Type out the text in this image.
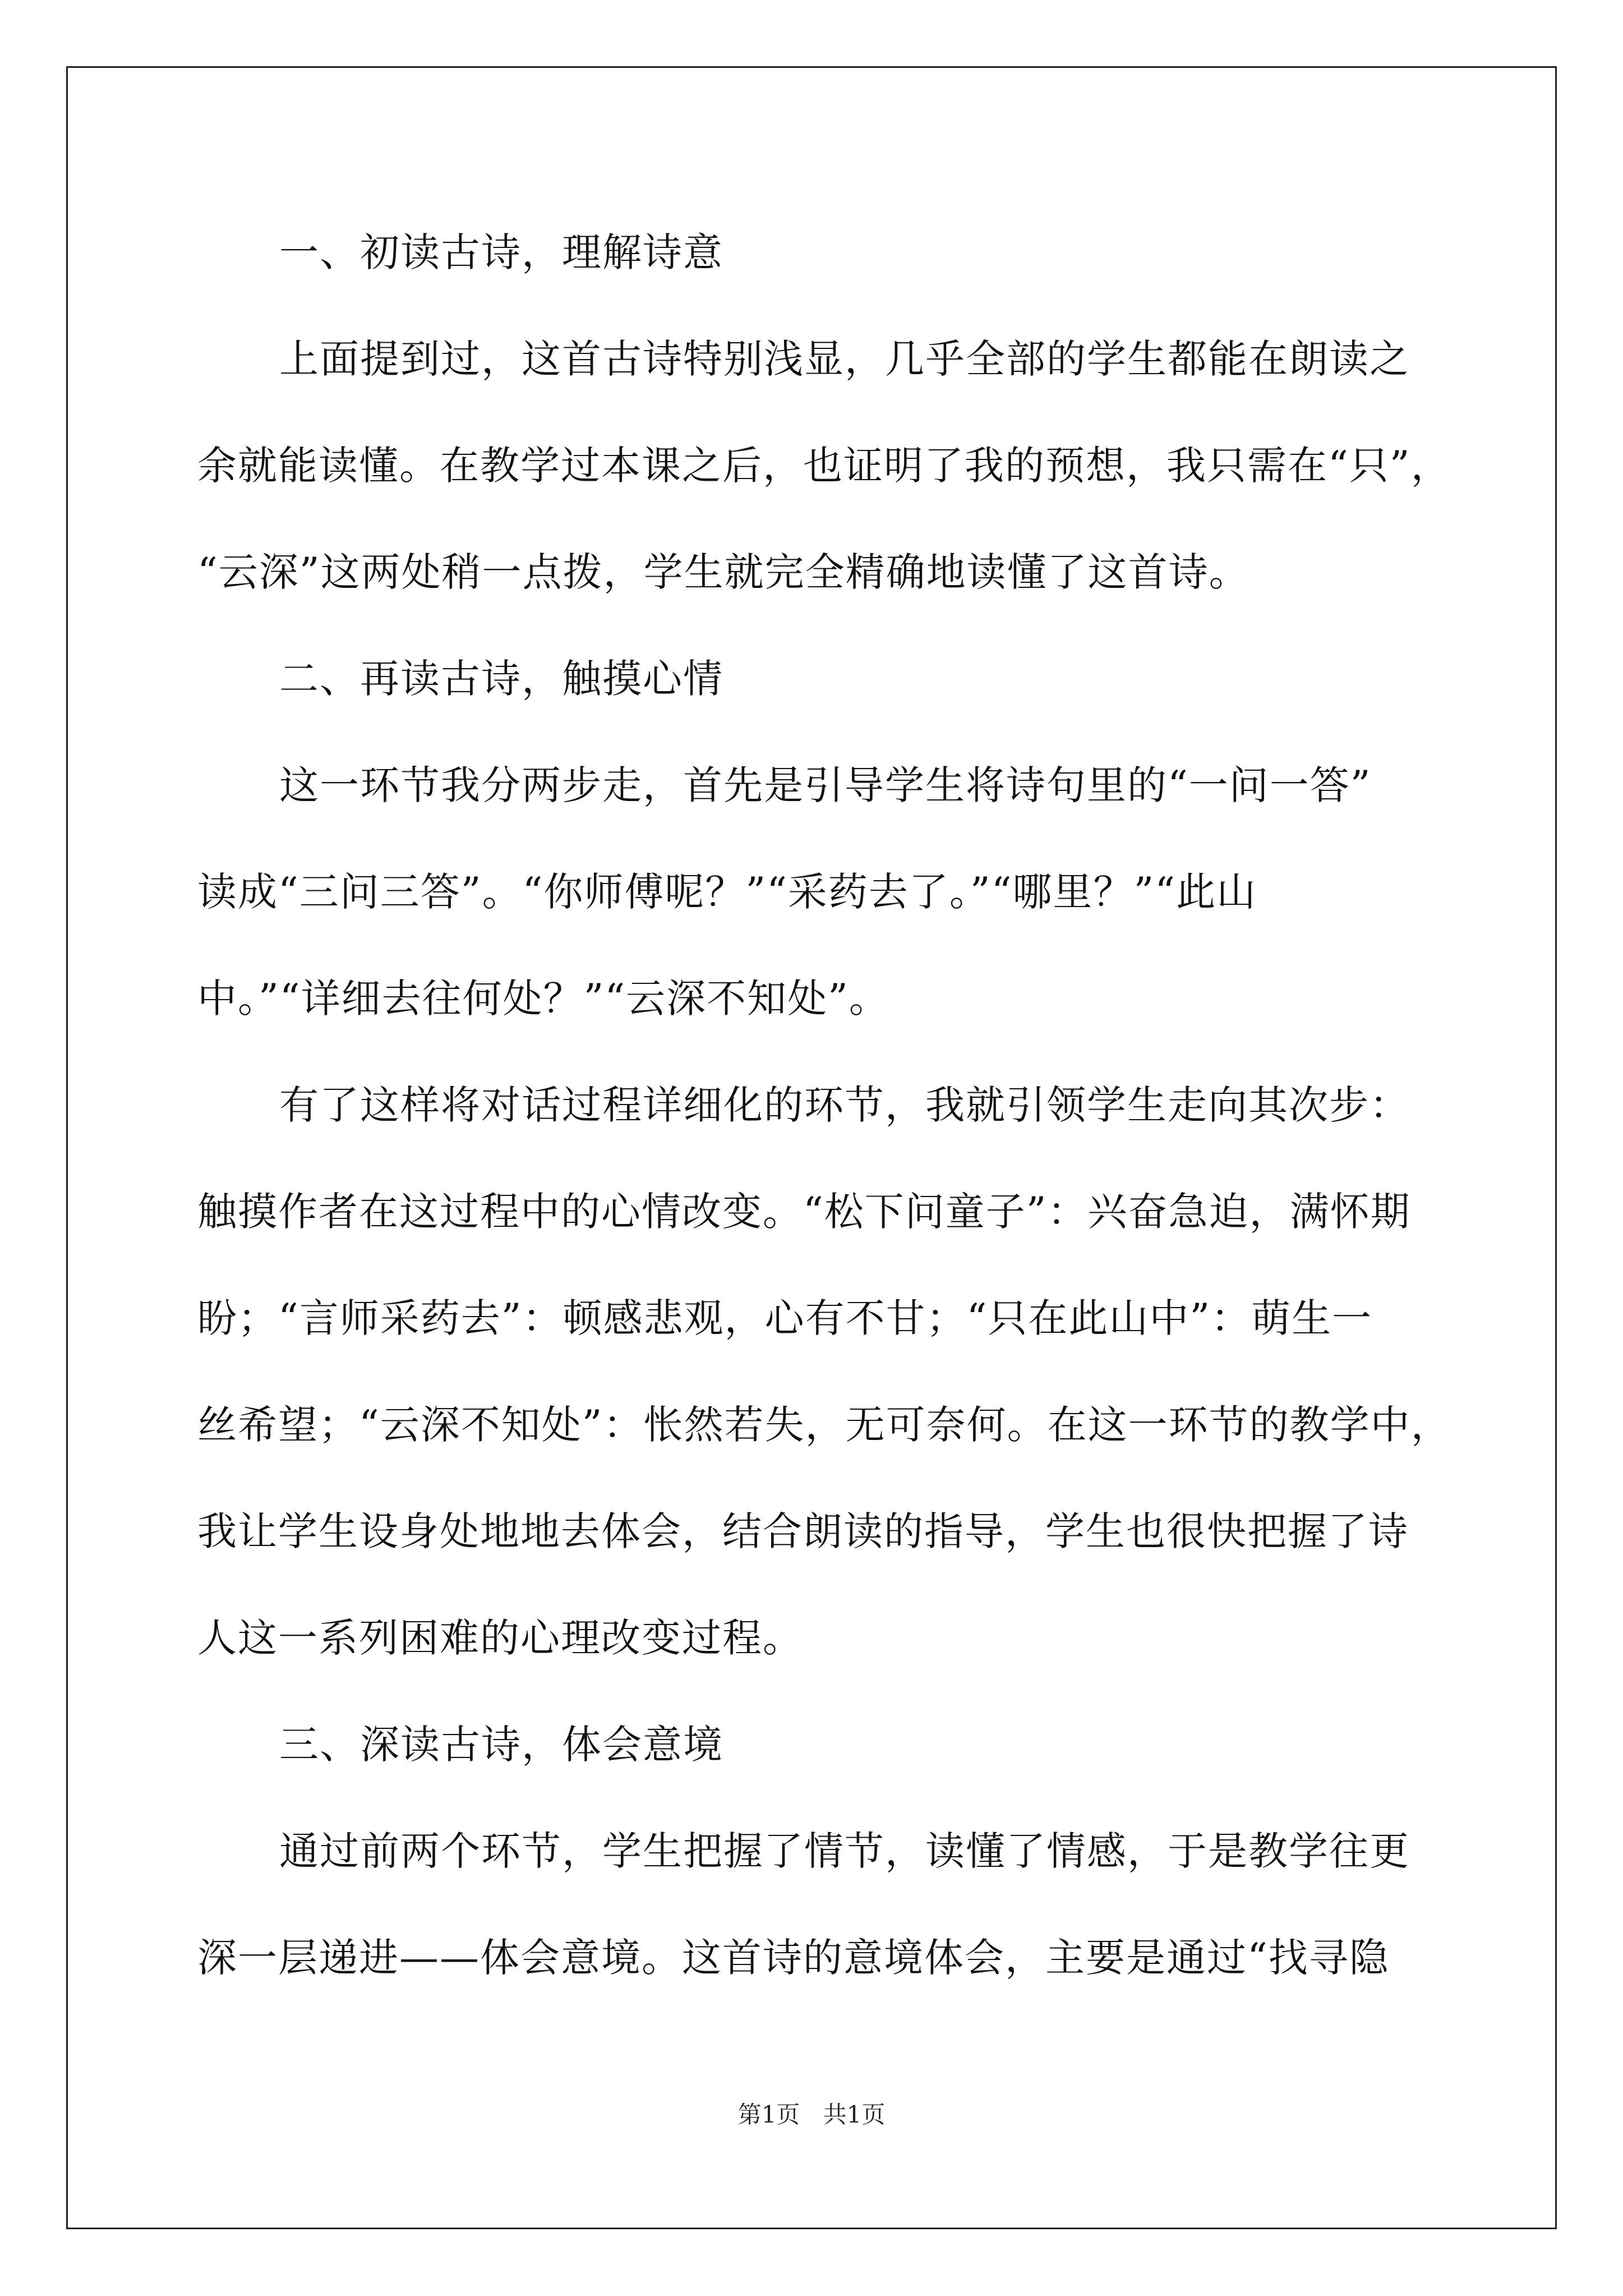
一、初读古诗，理解诗意
上面提到过，这首古诗特别浅显，几乎全部的学生都能在朗读之
余就能读懂。在教学过本课之后，也证明了我的预想，我只需在“只”，
“云深”这两处稍一点拨，学生就完全精确地读懂了这首诗。
二、再读古诗，触摸心情
这一环节我分两步走，首先是引导学生将诗句里的“一问一答”
读成“三问三答”。“你师傅呢？”“采药去了。”“哪里？”“此山
中。”“详细去往何处？”“云深不知处”。
有了这样将对话过程详细化的环节，我就引领学生走向其次步：
触摸作者在这过程中的心情改变。“松下问童子”：兴奋急迫，满怀期
盼；“言师采药去”：顿感悲观，心有不甘；“只在此山中”：萌生一
丝希望；“云深不知处”：怅然若失，无可奈何。在这一环节的教学中，
我让学生设身处地地去体会，结合朗读的指导，学生也很快把握了诗
人这一系列困难的心理改变过程。
三、深读古诗，体会意境
通过前两个环节，学生把握了情节，读懂了情感，于是教学往更
深一层递进——体会意境。这首诗的意境体会，主要是通过“找寻隐
第1页 共1页
